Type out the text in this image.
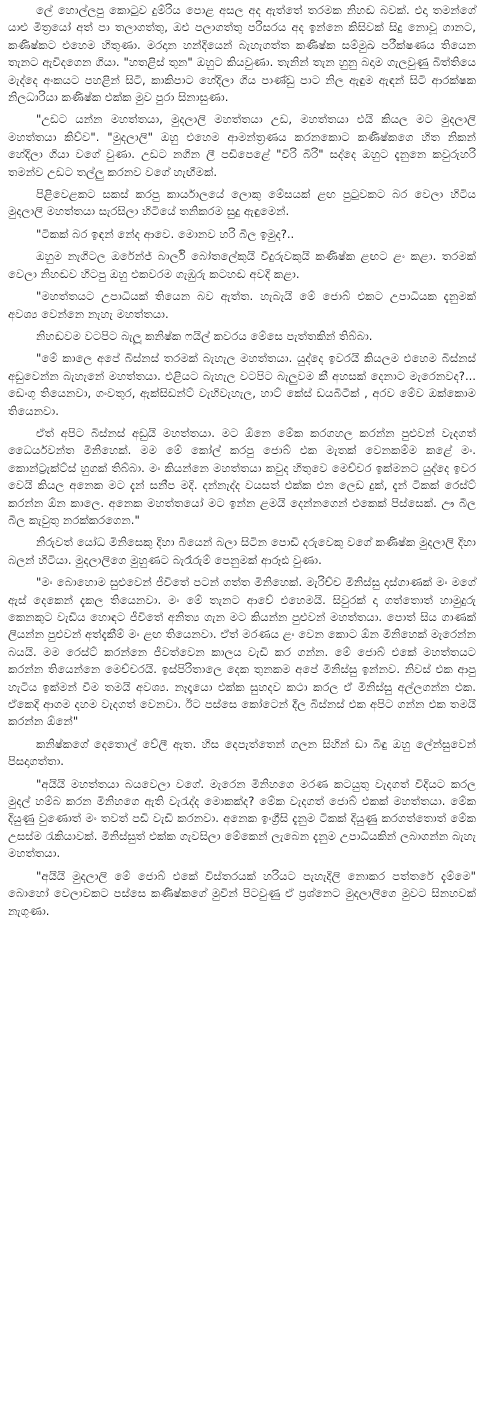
ලේ හොල්ලපු කොටුව දුම්රිය පොළ අසල අද ඇත්තේ තරමක නිහඬ බවක්. එදා තමන්ගේ යාළු මිත්‍රයෝ අත් පා තලාගත්තු, ඔළු පලාගත්තු පරිසරය අද ඉන්නෙ කිසිවක් සිදු නොවූ ගානට, කණිෂ්කට එහෙම හිතුණා. මරදාන හන්දියෙන් බැහැගත්ත කණිෂ්ක සම්මුඛ පරීක්ෂණය තියෙන තැනට ඇවිදගෙන ගියා. "හතළිස් තුන" ඔහුට කියවුණා. තැනින් තැන හුනු බදාම ගැලවුණු බිත්තියෙ මැද්දෙ අංකයට පහළින් සිටි, කාකිපාට හේදිලා ගිය පාණ්ඩු පාට නිල ඇඳුම ඇඳන් සිටි ආරක්ෂක නිලධාරියා කණිෂ්ක එක්ක මුව පුරා සිනාසුණා.

"උඩට යන්න මහත්තයා, මුදලාලි මහත්තයා උඩ, මහත්තයා එයි කියල මට මුදලාලි මහත්තයා කිව්ව". "මුදලාලි" ඔහු එහෙම ආමන්ත්‍රණය කරනකොට කණිෂ්කගෙ හිත නිකන් හේදිලා ගියා වගේ වුණා. උඩට නගින ලී පඩිපෙළේ "විරි බිරි" සද්දෙ ඔහුට දැනුනෙ කවුරුහරි තමන්ව උඩට තල්ලු කරනව වගේ හැඟීමක්.

පිළිවෙළකට සකස් කරපු කාර්යාලයේ ලොකු මේසයක් ළඟ පුටුවකට බර වෙලා හිටිය මුදලාලි මහත්තයා සැරසිලා හිටියේ තනිකරම සුදු ඇඳුමෙන්.

"ටිකක් බර ඉඳන් නේද ආවෙ. මොනව හරි බීල ඉමුද?..

ඔහුම නැගිටල ඔරේන්ජ් බාර්ලි බෝතලේකුයි වීදුරුවකුයි කණිෂ්ක ළඟට ළං කළා. තරමක් වෙලා නිහඬව හිටපු ඔහු එකවරම ගැඹුරු කටහඬ අවදි කළා.

"මහත්තයට උපාධියක් තියෙන බව ඇත්ත. හැබැයි මේ ජොබ් එකට උපාධියක දැනුමක් අවශ්‍ය වෙන්නෙ නැහැ මහත්තයා.

නිහඬවම වටපිට බැලූ කනිෂ්ක ෆයිල් කවරය මේසෙ පැත්තකින් තිබ්බා.

"මේ කාලෙ අපේ බිස්නස් තරමක් බැහැල මහත්තයා. යුද්දෙ ඉවරයි කියලම එහෙම බිස්නස් අඩුවෙන්න බැහැනේ මහත්තයා. එළියට බැහැල වටපිට බැලුවම කී අහසක් දෙනාට මැරෙනවද?... ඩෙංගු තියෙනවා, ගංවතුර, ඇක්සිඩන්ට් වැහිවැහැල, හාට් කේස් ඩයබිටීක් , අරව මේව ඔක්කොම තියෙනවා.

ඒත් අපිට බිස්නස් අඩුයි මහත්තයා. මට ඕනෙ මේක කරගහල කරන්න පුළුවන් වැදගත් ධෛර්යවන්ත මිනිහෙක්. මම මේ කෝල් කරපු ජොබ් එක මැතක් වෙනකම්ම කළේ මං. කොන්ට්‍රැක්ට්ස් හුගක් තිබ්බා. මං කියන්නෙ මහත්තයා කවුද හිතුවෙ මෙච්චර ඉක්මනට යුද්දෙ ඉවර වෙයි කියල අනෙක මට දැන් සනීප මදි. දන්නැද්ද වයසත් එක්ක එන ලෙඩ දුක්, දැන් ටිකක් රෙස්ට් කරන්න ඕන කාලෙ. අනෙක මහත්තයෝ මට ඉන්න ළමයි දෙන්නගෙන් එකෙක් පිස්සෙක්. ඌ බීල බීල කැවුතු නරක්කරගෙන."

නිරුවත් යෝධ මිනිසෙකු දිහා බියෙන් බලා සිටින පොඩි දරුවෙකු වගේ කණිෂ්ක මුදලාලි දිහා බලන් හිටියා. මුදලාලිගෙ මුහුණට බැරෑරුම් පෙනුමක් ආරූඪ වුණා.

"මං බොහොම සුළුවෙන් ජීවිතේ පටන් ගත්ත මිනිහෙක්. මැරිච්ච මිනිස්සු දාස්ගාණක් මං මගේ ඇස් දෙකෙන් දැකල තියෙනවා. මං මේ තැනට ආවේ එහෙමයි. සිවුරක් දා ගත්තොත් හාමුදුරු කෙනකුට වැඩිය හොඳට ජීවිතේ අනිත්‍ය ගැන මට කියන්න පුළුවන් මහත්තයා. පොත් සිය ගාණක් ලියන්න පුළුවන් අත්දැකීම් මං ළඟ තියෙනවා. ඒත් මරණය ළං වෙන කොට ඕන මිනිහෙක් මැරෙන්න බයයි. මම රෙස්ට් කරන්නෙ ජීවත්වෙන කාලය වැඩි කර ගන්න. මේ ජොබ් එකේ මහත්තයට කරන්න තියෙන්නෙ මෙච්චරයි. ඉස්පිරිතාලෙ දෙක තුනකම අපේ මිනිස්සු ඉන්නව. නිවස් එක ආපු හැටිය ඉක්මන් වීම තමයි අවශ්‍ය. නෑදෑයො එක්ක සුහදව කථා කරල ඒ මිනිස්සු අල්ලගන්න එක. ඒකෙදි ආගම දහම වැදගත් වෙනවා. ඊට පස්සෙ කෝටෙන් දීල බිස්නස් එක අපිට ගන්න එක තමයි කරන්න ඕනේ"

කනිෂ්කගේ දෙතොල් වේලී ඇත. හිස දෙපැත්තෙන් ගලන සිහින් ඩා බිඳු ඔහු ලේන්සුවෙන් පිසදාගත්තා.

"අයියි මහත්තයා බයවෙලා වගේ. මැරෙන මිනිහගෙ මරණ කටයුතු වැදගත් විදියට කරල මුදල් හම්බ කරන මිනිහගෙ ඇති වැරැද්ද මොකක්ද? මේක වැදගත් ජොබ් එකක් මහත්තයා. මේක දියුණු වුණොත් මං තවත් පඩි වැඩි කරනවා. අනෙක ඉංග්‍රීසි දැනුම ටිකක් දියුණු කරගත්තොත් මේක උසස්ම රැකියාවක්. මිනිස්සුත් එක්ක ගැවසිලා මේකෙන් ලැබෙන දැනුම උපාධියකින් ලබාගන්න බැහැ මහත්තයා.

"අයියි මුදලාලි මේ ජොබ් එකේ විස්තරයක් හරියට පැහැදිලි නොකර පත්තරේ දැම්මෙ" බොහෝ වෙලාවකට පස්සෙ කණිෂ්කගේ මුවින් පිටවුණු ඒ ප්‍රශ්නෙට මුදලාලිගෙ මුවට සිනහවක් නැගුණා.
